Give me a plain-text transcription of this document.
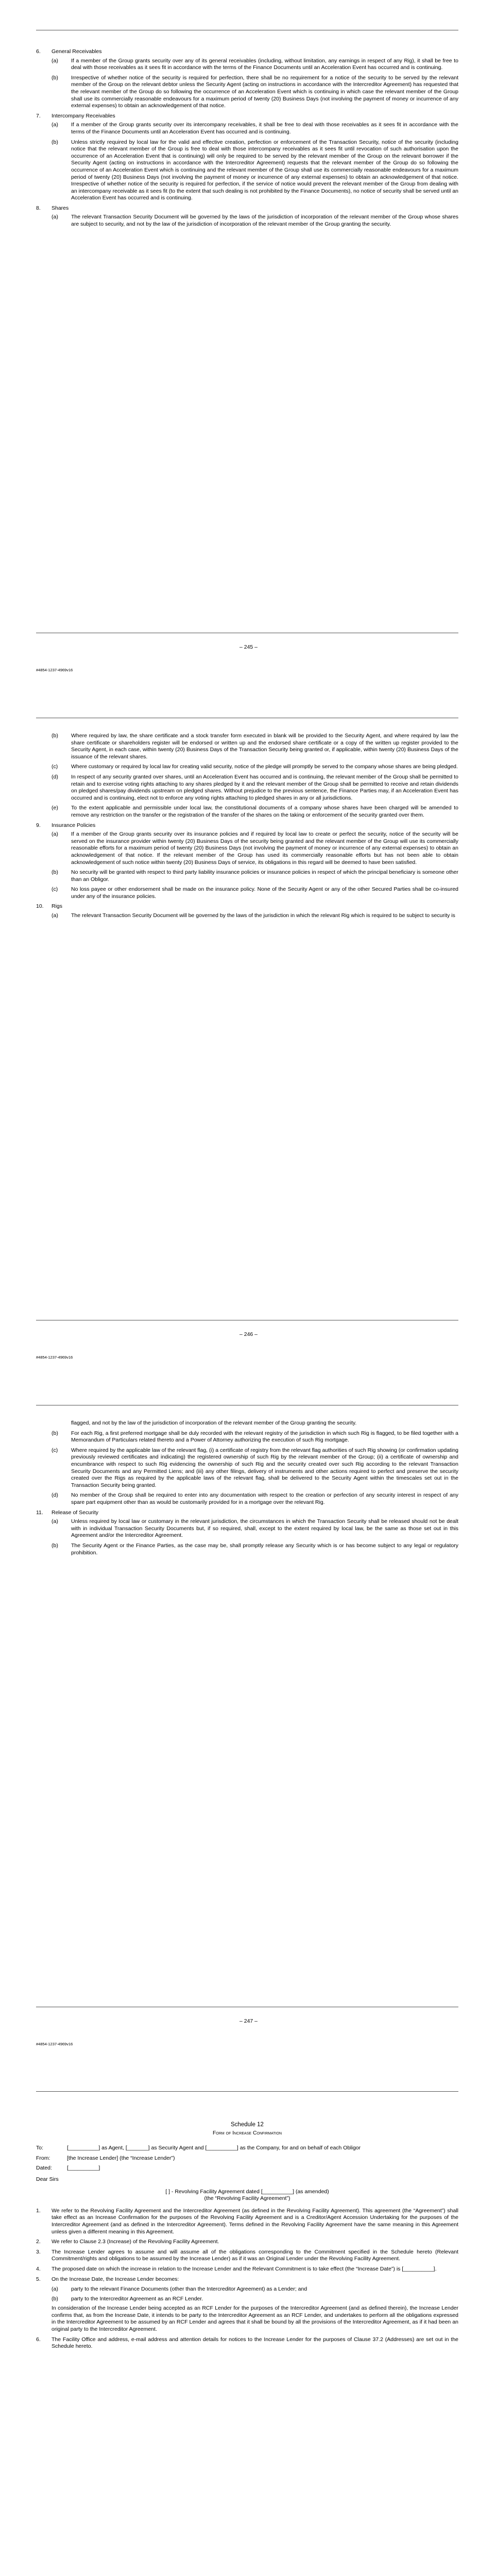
6.	General Receivables
(a)	If a member of the Group grants security over any of its general receivables (including, without limitation, any earnings in respect of any Rig), it shall be free to deal with those receivables as it sees fit in accordance with the terms of the Finance Documents until an Acceleration Event has occurred and is continuing.
(b)	Irrespective of whether notice of the security is required for perfection, there shall be no requirement for a notice of the security to be served by the relevant member of the Group on the relevant debtor unless the Security Agent (acting on instructions in accordance with the Intercreditor Agreement) has requested that the relevant member of the Group do so following the occurrence of an Acceleration Event which is continuing in which case the relevant member of the Group shall use its commercially reasonable endeavours for a maximum period of twenty (20) Business Days (not involving the payment of money or incurrence of any external expenses) to obtain an acknowledgement of that notice.
7.	Intercompany Receivables
(a)	If a member of the Group grants security over its intercompany receivables, it shall be free to deal with those receivables as it sees fit in accordance with the terms of the Finance Documents until an Acceleration Event has occurred and is continuing.
(b)	Unless strictly required by local law for the valid and effective creation, perfection or enforcement of the Transaction Security, notice of the security (including notice that the relevant member of the Group is free to deal with those intercompany receivables as it sees fit until revocation of such authorisation upon the occurrence of an Acceleration Event that is continuing) will only be required to be served by the relevant member of the Group on the relevant borrower if the Security Agent (acting on instructions in accordance with the Intercreditor Agreement) requests that the relevant member of the Group do so following the occurrence of an Acceleration Event which is continuing and the relevant member of the Group shall use its commercially reasonable endeavours for a maximum period of twenty (20) Business Days (not involving the payment of money or incurrence of any external expenses) to obtain an acknowledgement of that notice. Irrespective of whether notice of the security is required for perfection, if the service of notice would prevent the relevant member of the Group from dealing with an intercompany receivable as it sees fit (to the extent that such dealing is not prohibited by the Finance Documents), no notice of security shall be served until an Acceleration Event has occurred and is continuing.
8.	Shares
(a)	The relevant Transaction Security Document will be governed by the laws of the jurisdiction of incorporation of the relevant member of the Group whose shares are subject to security, and not by the law of the jurisdiction of incorporation of the relevant member of the Group granting the security.
– 245 –
#4854-1237-4969v16
(b)	Where required by law, the share certificate and a stock transfer form executed in blank will be provided to the Security Agent, and where required by law the share certificate or shareholders register will be endorsed or written up and the endorsed share certificate or a copy of the written up register provided to the Security Agent, in each case, within twenty (20) Business Days of the Transaction Security being granted or, if applicable, within twenty (20) Business Days of the issuance of the relevant shares.
(c)	Where customary or required by local law for creating valid security, notice of the pledge will promptly be served to the company whose shares are being pledged.
(d)	In respect of any security granted over shares, until an Acceleration Event has occurred and is continuing, the relevant member of the Group shall be permitted to retain and to exercise voting rights attaching to any shares pledged by it and the relevant member of the Group shall be permitted to receive and retain dividends on pledged shares/pay dividends upstream on pledged shares. Without prejudice to the previous sentence, the Finance Parties may, if an Acceleration Event has occurred and is continuing, elect not to enforce any voting rights attaching to pledged shares in any or all jurisdictions.
(e)	To the extent applicable and permissible under local law, the constitutional documents of a company whose shares have been charged will be amended to remove any restriction on the transfer or the registration of the transfer of the shares on the taking or enforcement of the security granted over them.
9.	Insurance Policies
(a)	If a member of the Group grants security over its insurance policies and if required by local law to create or perfect the security, notice of the security will be served on the insurance provider within twenty (20) Business Days of the security being granted and the relevant member of the Group will use its commercially reasonable efforts for a maximum period of twenty (20) Business Days (not involving the payment of money or incurrence of any external expenses) to obtain an acknowledgement of that notice. If the relevant member of the Group has used its commercially reasonable efforts but has not been able to obtain acknowledgement of such notice within twenty (20) Business Days of service, its obligations in this regard will be deemed to have been satisfied.
(b)	No security will be granted with respect to third party liability insurance policies or insurance policies in respect of which the principal beneficiary is someone other than an Obligor.
(c)	No loss payee or other endorsement shall be made on the insurance policy. None of the Security Agent or any of the other Secured Parties shall be co-insured under any of the insurance policies.
10.	Rigs
(a)	The relevant Transaction Security Document will be governed by the laws of the jurisdiction in which the relevant Rig which is required to be subject to security is
– 246 –
#4854-1237-4969v16

flagged, and not by the law of the jurisdiction of incorporation of the relevant member of the Group granting the security.

(b)	For each Rig, a first preferred mortgage shall be duly recorded with the relevant registry of the jurisdiction in which such Rig is flagged, to be filed together with a Memorandum of Particulars related thereto and a Power of Attorney authorizing the execution of such Rig mortgage.
(c)	Where required by the applicable law of the relevant flag, (i) a certificate of registry from the relevant flag authorities of such Rig showing (or confirmation updating previously reviewed certificates and indicating) the registered ownership of such Rig by the relevant member of the Group; (ii) a certificate of ownership and encumbrance with respect to such Rig evidencing the ownership of such Rig and the security created over such Rig according to the relevant Transaction Security Documents and any Permitted Liens; and (iii) any other filings, delivery of instruments and other actions required to perfect and preserve the security created over the Rigs as required by the applicable laws of the relevant flag, shall be delivered to the Security Agent within the timescales set out in the Transaction Security being granted.
(d)	No member of the Group shall be required to enter into any documentation with respect to the creation or perfection of any security interest in respect of any spare part equipment other than as would be customarily provided for in a mortgage over the relevant Rig.
11.	Release of Security
(a)	Unless required by local law or customary in the relevant jurisdiction, the circumstances in which the Transaction Security shall be released should not be dealt with in individual Transaction Security Documents but, if so required, shall, except to the extent required by local law, be the same as those set out in this Agreement and/or the Intercreditor Agreement.
(b)	The Security Agent or the Finance Parties, as the case may be, shall promptly release any Security which is or has become subject to any legal or regulatory prohibition.
– 247 –
#4854-1237-4969v16

Schedule 12

Form of Increase Confirmation

To:	[__________] as Agent, [_______] as Security Agent and [__________] as the Company, for and on behalf of each Obligor
From:	[the Increase Lender] (the “Increase Lender”)
Dated:	[__________]

Dear Sirs

[ ] - Revolving Facility Agreement dated [__________] (as amended)

(the “Revolving Facility Agreement”)

1.	We refer to the Revolving Facility Agreement and the Intercreditor Agreement (as defined in the Revolving Facility Agreement). This agreement (the “Agreement”) shall take effect as an Increase Confirmation for the purposes of the Revolving Facility Agreement and is a Creditor/Agent Accession Undertaking for the purposes of the Intercreditor Agreement (and as defined in the Intercreditor Agreement). Terms defined in the Revolving Facility Agreement have the same meaning in this Agreement unless given a different meaning in this Agreement.
2.	We refer to Clause 2.3 (Increase) of the Revolving Facility Agreement.
3.	The Increase Lender agrees to assume and will assume all of the obligations corresponding to the Commitment specified in the Schedule hereto (Relevant Commitment/rights and obligations to be assumed by the Increase Lender) as if it was an Original Lender under the Revolving Facility Agreement.
4.	The proposed date on which the increase in relation to the Increase Lender and the Relevant Commitment is to take effect (the “Increase Date”) is [__________].
5.	On the Increase Date, the Increase Lender becomes:
(a)	party to the relevant Finance Documents (other than the Intercreditor Agreement) as a Lender; and
(b)	party to the Intercreditor Agreement as an RCF Lender.

In consideration of the Increase Lender being accepted as an RCF Lender for the purposes of the Intercreditor Agreement (and as defined therein), the Increase Lender confirms that, as from the Increase Date, it intends to be party to the Intercreditor Agreement as an RCF Lender, and undertakes to perform all the obligations expressed in the Intercreditor Agreement to be assumed by an RCF Lender and agrees that it shall be bound by all the provisions of the Intercreditor Agreement, as if it had been an original party to the Intercreditor Agreement.

6.	The Facility Office and address, e-mail address and attention details for notices to the Increase Lender for the purposes of Clause 37.2 (Addresses) are set out in the Schedule hereto.
